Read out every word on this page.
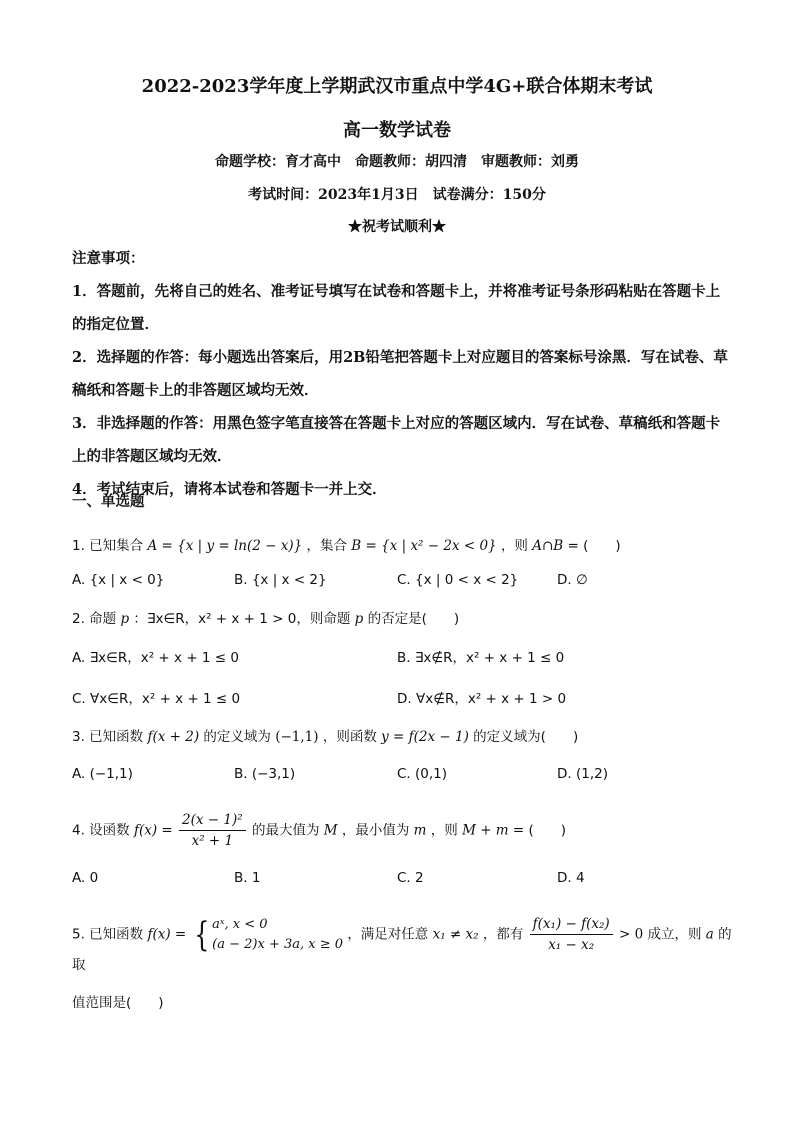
2022-2023学年度上学期武汉市重点中学4G+联合体期末考试
高一数学试卷
命题学校：育才高中　命题教师：胡四清　审题教师：刘勇
考试时间：2023年1月3日　试卷满分：150分
★祝考试顺利★
注意事项：
1．答题前，先将自己的姓名、准考证号填写在试卷和答题卡上，并将准考证号条形码粘贴在答题卡上的指定位置．
2．选择题的作答：每小题选出答案后，用2B铅笔把答题卡上对应题目的答案标号涂黑．写在试卷、草稿纸和答题卡上的非答题区域均无效．
3．非选择题的作答：用黑色签字笔直接答在答题卡上对应的答题区域内．写在试卷、草稿纸和答题卡上的非答题区域均无效．
4．考试结束后，请将本试卷和答题卡一并上交．
一、单选题
1. 已知集合 A = {x | y = ln(2 − x)} ，集合 B = {x | x² − 2x < 0} ，则 A∩B = (　　)
A. {x | x < 0}	B. {x | x < 2}	C. {x | 0 < x < 2}	D. ∅
2. 命题 p ：∃x∈R，x² + x + 1 > 0，则命题 p 的否定是(　　)
A. ∃x∈R，x² + x + 1 ≤ 0	B. ∃x∉R，x² + x + 1 ≤ 0
C. ∀x∈R，x² + x + 1 ≤ 0	D. ∀x∉R，x² + x + 1 > 0
3. 已知函数 f(x + 2) 的定义域为 (−1,1) ，则函数 y = f(2x − 1) 的定义域为(　　)
A. (−1,1)	B. (−3,1)	C. (0,1)	D. (1,2)
4. 设函数 $f(x) = \frac{\text{2(x − 1)²}}{\text{x² + 1}}$ 的最大值为 M ，最小值为 m ，则 M + m = (　　)
A. 0	B. 1	C. 2	D. 4
5. 已知函数 f(x) = { aˣ, x < 0
(a − 2)x + 3a, x ≥ 0
，满足对任意 x₁ ≠ x₂ ，都有 $\frac{\text{f(x₁) − f(x₂)}}{\text{x₁ − x₂}} > 0$ 成立，则 a 的取
值范围是(　　)
